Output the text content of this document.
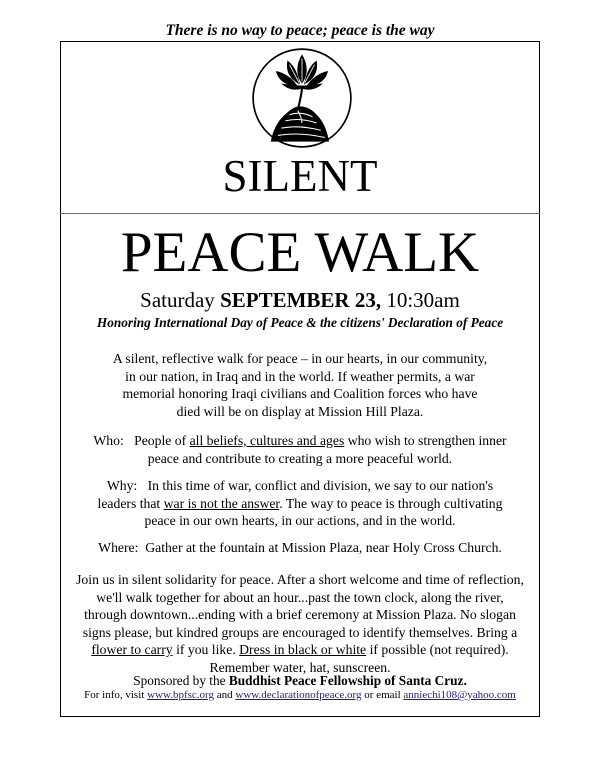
There is no way to peace; peace is the way
SILENT
PEACE WALK
Saturday SEPTEMBER 23, 10:30am
Honoring International Day of Peace & the citizens' Declaration of Peace
A silent, reflective walk for peace – in our hearts, in our community,
in our nation, in Iraq and in the world. If weather permits, a war
memorial honoring Iraqi civilians and Coalition forces who have
died will be on display at Mission Hill Plaza.
Who: People of all beliefs, cultures and ages who wish to strengthen inner
peace and contribute to creating a more peaceful world.
Why: In this time of war, conflict and division, we say to our nation's
leaders that war is not the answer. The way to peace is through cultivating
peace in our own hearts, in our actions, and in the world.
Where: Gather at the fountain at Mission Plaza, near Holy Cross Church.
Join us in silent solidarity for peace. After a short welcome and time of reflection,
we'll walk together for about an hour...past the town clock, along the river,
through downtown...ending with a brief ceremony at Mission Plaza. No slogan
signs please, but kindred groups are encouraged to identify themselves. Bring a
flower to carry if you like. Dress in black or white if possible (not required).
Remember water, hat, sunscreen.
Sponsored by the Buddhist Peace Fellowship of Santa Cruz.
For info, visit www.bpfsc.org and www.declarationofpeace.org or email anniechi108@yahoo.com
